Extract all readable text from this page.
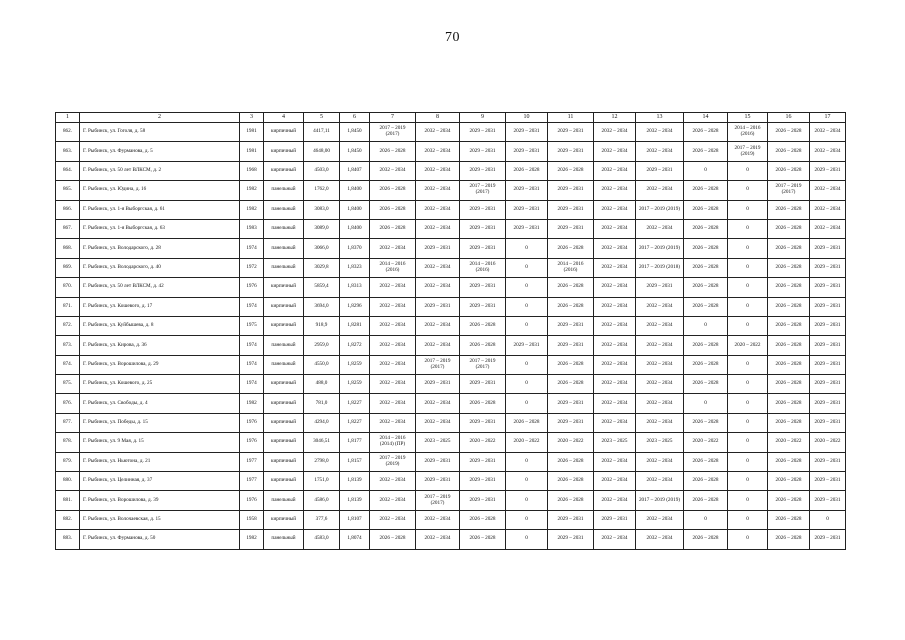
70
1	2	3	4	5	6	7	8	9	10	11	12	13	14	15	16	17
862.	Г. Рыбинск, ул. Гоголя, д. 58	1981	кирпичный	4417,11	1,8450	2017 – 2019 (2017)	2032 – 2034	2029 – 2031	2029 – 2031	2029 – 2031	2032 – 2034	2032 – 2034	2026 – 2028	2014 – 2016 (2016)	2026 – 2028	2032 – 2034
863.	Г. Рыбинск, ул. Фурманова, д. 5	1981	кирпичный	4648,00	1,8450	2026 – 2028	2032 – 2034	2029 – 2031	2029 – 2031	2029 – 2031	2032 – 2034	2032 – 2034	2026 – 2028	2017 – 2019 (2019)	2026 – 2028	2032 – 2034
864.	Г. Рыбинск, ул. 50 лет ВЛКСМ, д. 2	1968	кирпичный	4503,0	1,8407	2032 – 2034	2032 – 2034	2029 – 2031	2026 – 2028	2026 – 2028	2032 – 2034	2029 – 2031	0	0	2026 – 2028	2029 – 2031
865.	Г. Рыбинск, ул. Юдина, д. 16	1982	панельный	1762,0	1,8400	2026 – 2028	2032 – 2034	2017 – 2019 (2017)	2029 – 2031	2029 – 2031	2032 – 2034	2032 – 2034	2026 – 2028	0	2017 – 2019 (2017)	2032 – 2034
866.	Г. Рыбинск, ул. 1-я Выборгская, д. 61	1982	панельный	3083,0	1,8400	2026 – 2028	2032 – 2034	2029 – 2031	2029 – 2031	2029 – 2031	2032 – 2034	2017 – 2019 (2019)	2026 – 2028	0	2026 – 2028	2032 – 2034
867.	Г. Рыбинск, ул. 1-я Выборгская, д. 63	1983	панельный	3089,0	1,8400	2026 – 2028	2032 – 2034	2029 – 2031	2029 – 2031	2029 – 2031	2032 – 2034	2032 – 2034	2026 – 2028	0	2026 – 2028	2032 – 2034
868.	Г. Рыбинск, ул. Володарского, д. 28	1974	панельный	3066,0	1,8370	2032 – 2034	2029 – 2031	2029 – 2031	0	2026 – 2028	2032 – 2034	2017 – 2019 (2019)	2026 – 2028	0	2026 – 2028	2029 – 2031
869.	Г. Рыбинск, ул. Володарского, д. 40	1972	панельный	3029,8	1,8323	2014 – 2016 (2016)	2032 – 2034	2014 – 2016 (2016)	0	2014 – 2016 (2016)	2032 – 2034	2017 – 2019 (2018)	2026 – 2028	0	2026 – 2028	2029 – 2031
870.	Г. Рыбинск, ул. 50 лет ВЛКСМ, д. 42	1976	кирпичный	5859,4	1,8313	2032 – 2034	2032 – 2034	2029 – 2031	0	2026 – 2028	2032 – 2034	2029 – 2031	2026 – 2028	0	2026 – 2028	2029 – 2031
871.	Г. Рыбинск, ул. Кошевого, д. 17	1974	кирпичный	3694,0	1,8296	2032 – 2034	2029 – 2031	2029 – 2031	0	2026 – 2028	2032 – 2034	2032 – 2034	2026 – 2028	0	2026 – 2028	2029 – 2031
872.	Г. Рыбинск, ул. Куйбышева, д. 8	1975	кирпичный	918,9	1,8281	2032 – 2034	2032 – 2034	2026 – 2028	0	2029 – 2031	2032 – 2034	2032 – 2034	0	0	2026 – 2028	2029 – 2031
873.	Г. Рыбинск, ул. Кирова, д. 36	1974	панельный	2959,0	1,8272	2032 – 2034	2032 – 2034	2026 – 2028	2029 – 2031	2029 – 2031	2032 – 2034	2032 – 2034	2026 – 2028	2020 – 2022	2026 – 2028	2029 – 2031
874.	Г. Рыбинск, ул. Ворошилова, д. 29	1974	панельный	4550,0	1,8259	2032 – 2034	2017 – 2019 (2017)	2017 – 2019 (2017)	0	2026 – 2028	2032 – 2034	2032 – 2034	2026 – 2028	0	2026 – 2028	2029 – 2031
875.	Г. Рыбинск, ул. Кошевого, д. 25	1974	кирпичный	488,0	1,8259	2032 – 2034	2029 – 2031	2029 – 2031	0	2026 – 2028	2032 – 2034	2032 – 2034	2026 – 2028	0	2026 – 2028	2029 – 2031
876.	Г. Рыбинск, ул. Свободы, д. 4	1982	кирпичный	781,0	1,8227	2032 – 2034	2032 – 2034	2026 – 2028	0	2029 – 2031	2032 – 2034	2032 – 2034	0	0	2026 – 2028	2029 – 2031
877.	Г. Рыбинск, ул. Победы, д. 15	1976	кирпичный	4294,0	1,8227	2032 – 2034	2032 – 2034	2029 – 2031	2026 – 2028	2029 – 2031	2032 – 2034	2032 – 2034	2026 – 2028	0	2026 – 2028	2029 – 2031
878.	Г. Рыбинск, ул. 9 Мая, д. 15	1976	кирпичный	3046,51	1,8177	2014 – 2016 (2014) (ПР)	2023 – 2025	2020 – 2022	2020 – 2022	2020 – 2022	2023 – 2025	2023 – 2025	2020 – 2022	0	2020 – 2022	2020 – 2022
879.	Г. Рыбинск, ул. Ньютона, д. 21	1977	кирпичный	2798,0	1,8157	2017 – 2019 (2019)	2029 – 2031	2029 – 2031	0	2026 – 2028	2032 – 2034	2032 – 2034	2026 – 2028	0	2026 – 2028	2029 – 2031
880.	Г. Рыбинск, ул. Целинная, д. 37	1977	кирпичный	1751,0	1,8139	2032 – 2034	2029 – 2031	2029 – 2031	0	2026 – 2028	2032 – 2034	2032 – 2034	2026 – 2028	0	2026 – 2028	2029 – 2031
881.	Г. Рыбинск, ул. Ворошилова, д. 39	1976	панельный	4586,0	1,8139	2032 – 2034	2017 – 2019 (2017)	2029 – 2031	0	2026 – 2028	2032 – 2034	2017 – 2019 (2019)	2026 – 2028	0	2026 – 2028	2029 – 2031
882.	Г. Рыбинск, ул. Волочаевская, д. 15	1958	кирпичный	377,6	1,8107	2032 – 2034	2032 – 2034	2026 – 2028	0	2029 – 2031	2029 – 2031	2032 – 2034	0	0	2026 – 2028	0
883.	Г. Рыбинск, ул. Фурманова, д. 50	1982	панельный	4583,0	1,8074	2026 – 2028	2032 – 2034	2026 – 2028	0	2029 – 2031	2032 – 2034	2032 – 2034	2026 – 2028	0	2026 – 2028	2029 – 2031
